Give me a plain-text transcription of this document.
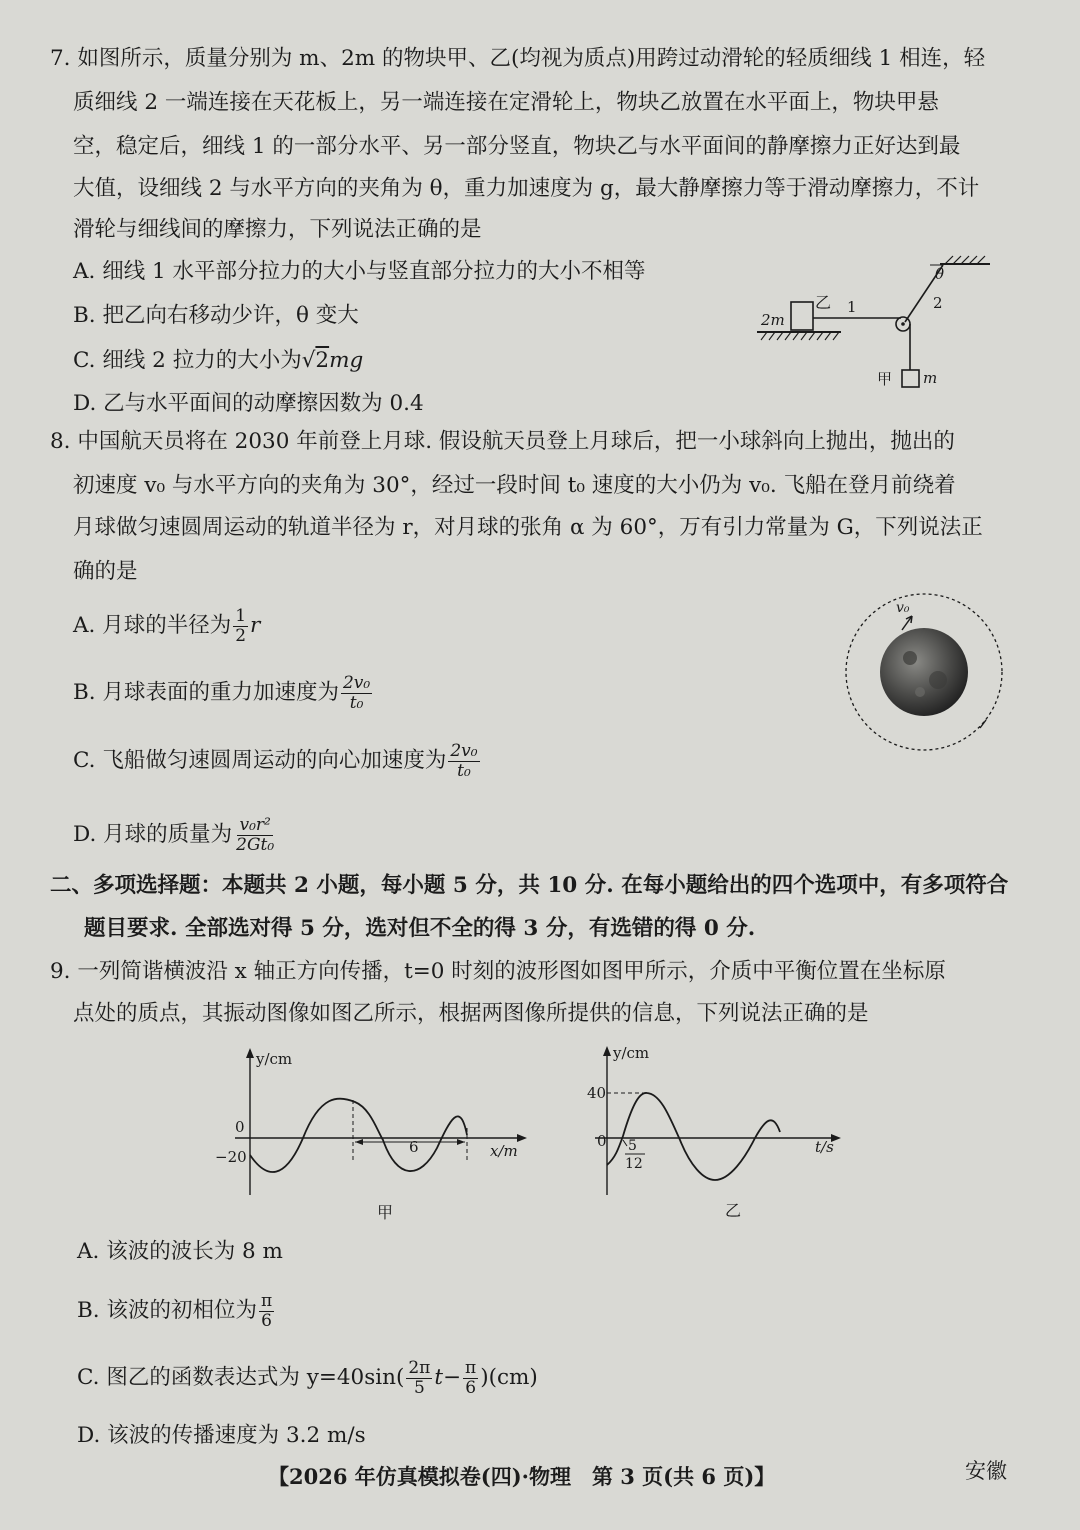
7. 如图所示，质量分别为 m、2m 的物块甲、乙(均视为质点)用跨过动滑轮的轻质细线 1 相连，轻
质细线 2 一端连接在天花板上，另一端连接在定滑轮上，物块乙放置在水平面上，物块甲悬
空，稳定后，细线 1 的一部分水平、另一部分竖直，物块乙与水平面间的静摩擦力正好达到最
大值，设细线 2 与水平方向的夹角为 θ，重力加速度为 g，最大静摩擦力等于滑动摩擦力，不计
滑轮与细线间的摩擦力，下列说法正确的是
A. 细线 1 水平部分拉力的大小与竖直部分拉力的大小不相等
B. 把乙向右移动少许，θ 变大
C. 细线 2 拉力的大小为√2mg
D. 乙与水平面间的动摩擦因数为 0.4
θ
2
1
乙
2m
甲 m
8. 中国航天员将在 2030 年前登上月球. 假设航天员登上月球后，把一小球斜向上抛出，抛出的
初速度 v₀ 与水平方向的夹角为 30°，经过一段时间 t₀ 速度的大小仍为 v₀. 飞船在登月前绕着
月球做匀速圆周运动的轨道半径为 r，对月球的张角 α 为 60°，万有引力常量为 G，下列说法正
确的是
A. 月球的半径为 $\frac{1}{2}$ r
B. 月球表面的重力加速度为 $\frac{\text{2v₀}}{\text{t₀}}$
C. 飞船做匀速圆周运动的向心加速度为 $\frac{\text{2v₀}}{\text{t₀}}$
D. 月球的质量为 $\frac{\text{v₀r²}}{\text{2Gt₀}}$
v₀
二、多项选择题：本题共 2 小题，每小题 5 分，共 10 分. 在每小题给出的四个选项中，有多项符合
题目要求. 全部选对得 5 分，选对但不全的得 3 分，有选错的得 0 分.
9. 一列简谐横波沿 x 轴正方向传播，t=0 时刻的波形图如图甲所示，介质中平衡位置在坐标原
点处的质点，其振动图像如图乙所示，根据两图像所提供的信息，下列说法正确的是
y/cm
x/m
0
−20
6
甲
y/cm
t/s
0
40
5
12
乙
A. 该波的波长为 8 m
B. 该波的初相位为 $\frac{\pi}{6}$
C. 图乙的函数表达式为 $y=40\sin( \frac{2\pi}{5} t- \frac{\pi}{6} )(cm)$
D. 该波的传播速度为 3.2 m/s
【2026 年仿真模拟卷(四)·物理　第 3 页(共 6 页)】	安徽
